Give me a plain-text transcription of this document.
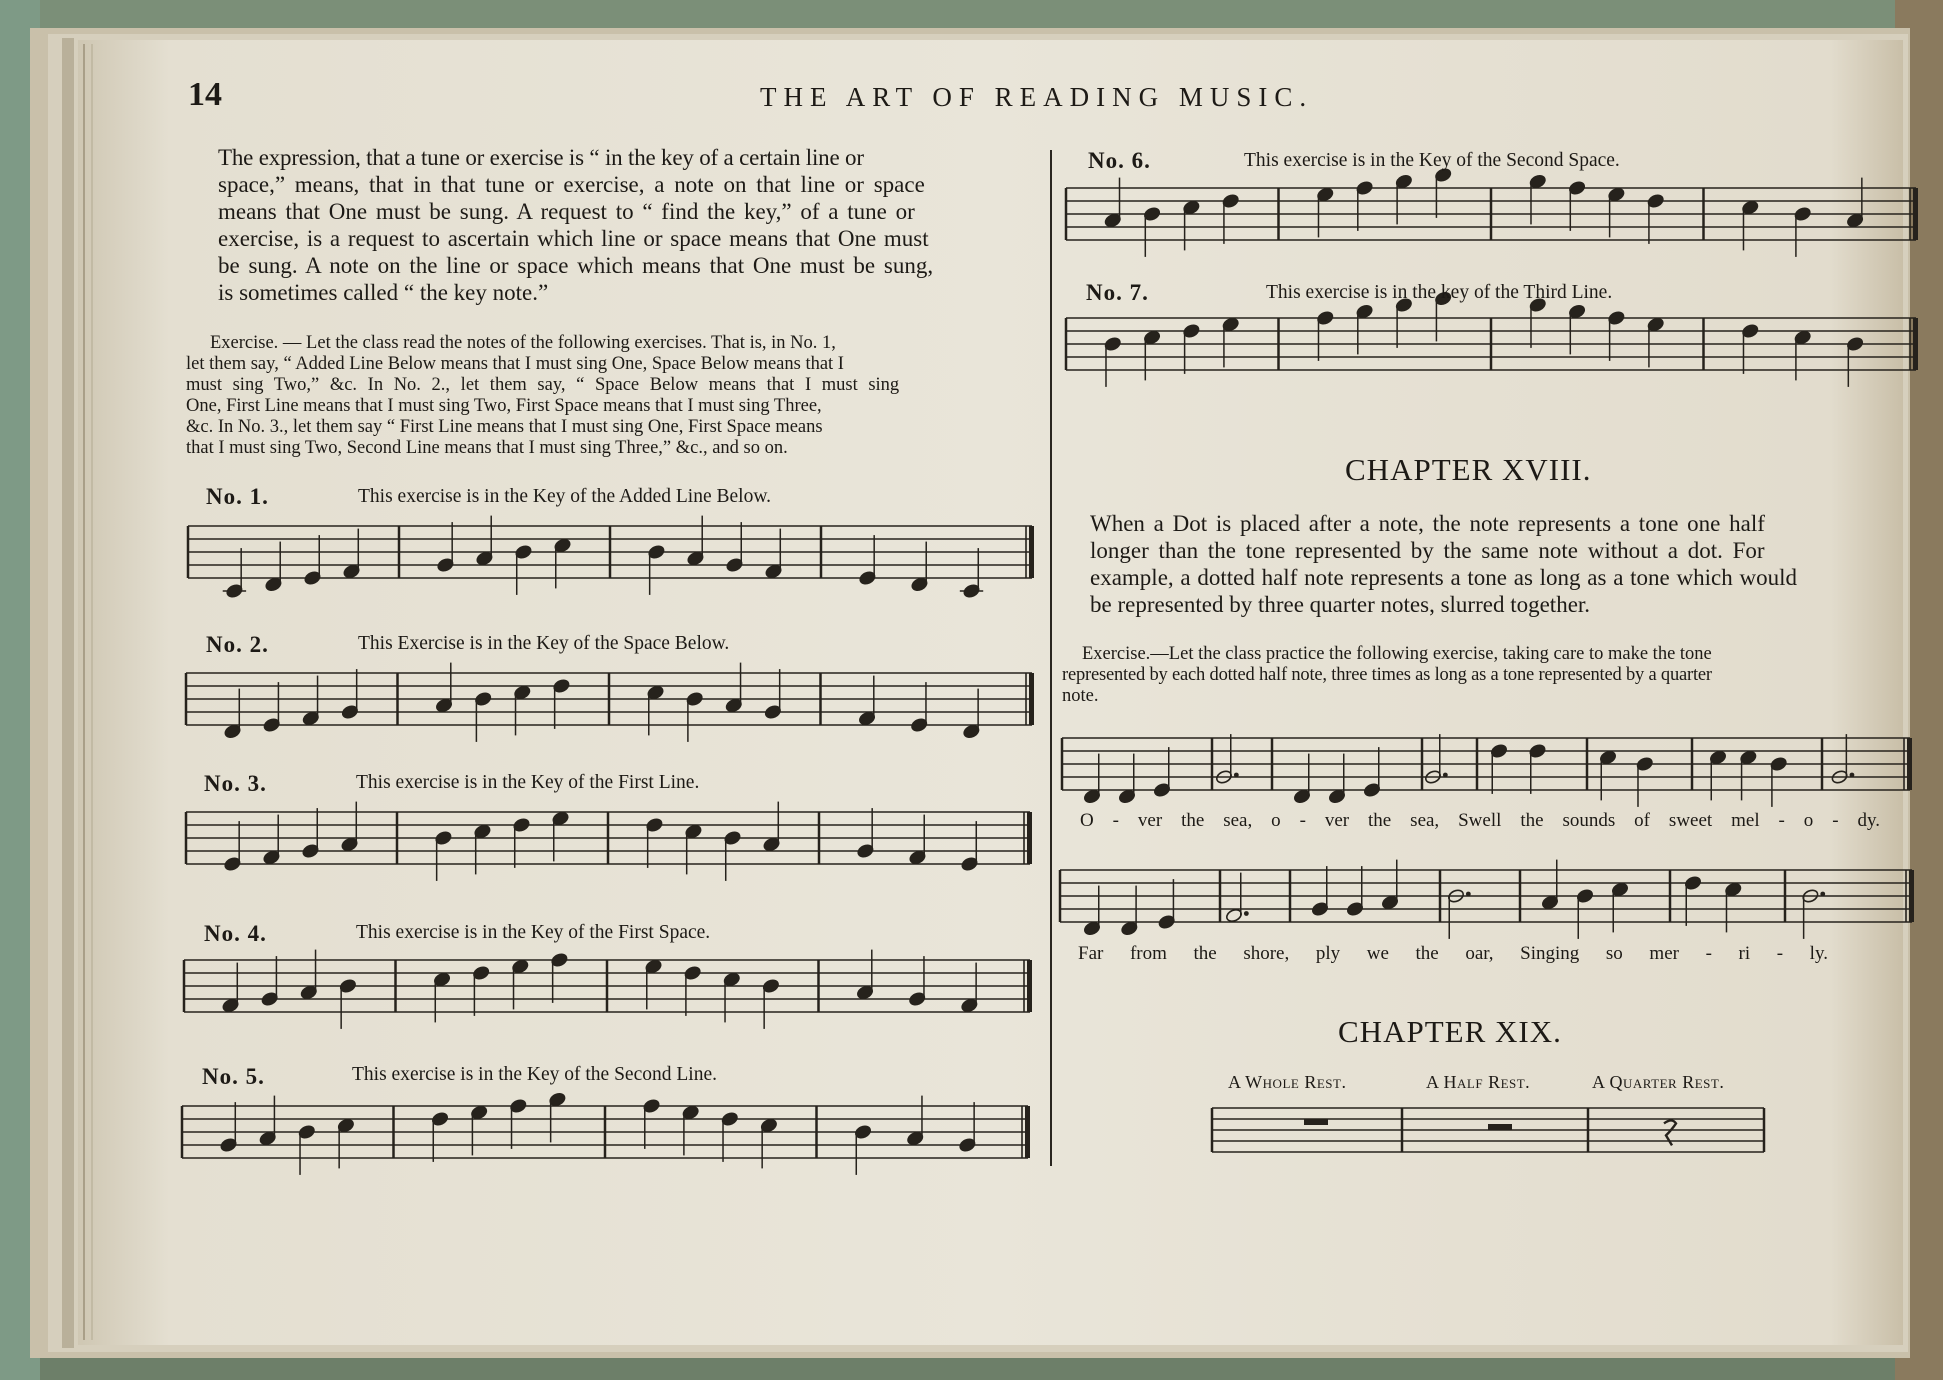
14	THE ART OF READING MUSIC.
The expression, that a tune or exercise is “ in the key of a certain line or
space,” means, that in that tune or exercise, a note on that line or space
means that One must be sung. A request to “ find the key,” of a tune or
exercise, is a request to ascertain which line or space means that One must
be sung. A note on the line or space which means that One must be sung,
is sometimes called “ the key note.”
Exercise. — Let the class read the notes of the following exercises. That is, in No. 1,
let them say, “ Added Line Below means that I must sing One, Space Below means that I
must sing Two,” &c. In No. 2., let them say, “ Space Below means that I must sing
One, First Line means that I must sing Two, First Space means that I must sing Three,
&c. In No. 3., let them say “ First Line means that I must sing One, First Space means
that I must sing Two, Second Line means that I must sing Three,” &c., and so on.
No. 1.	This exercise is in the Key of the Added Line Below.
No. 2.	This Exercise is in the Key of the Space Below.
No. 3.	This exercise is in the Key of the First Line.
No. 4.	This exercise is in the Key of the First Space.
No. 5.	This exercise is in the Key of the Second Line.
No. 6.	This exercise is in the Key of the Second Space.
No. 7.	This exercise is in the key of the Third Line.
CHAPTER XVIII.
When a Dot is placed after a note, the note represents a tone one half
longer than the tone represented by the same note without a dot. For
example, a dotted half note represents a tone as long as a tone which would
be represented by three quarter notes, slurred together.
Exercise.—Let the class practice the following exercise, taking care to make the tone
represented by each dotted half note, three times as long as a tone represented by a quarter
note.
O - ver the sea, o - ver the sea, Swell the sounds of sweet mel - o - dy.
Far from the shore, ply we the oar, Singing so mer - ri - ly.
CHAPTER XIX.
A Whole Rest.	A Half Rest.	A Quarter Rest.
